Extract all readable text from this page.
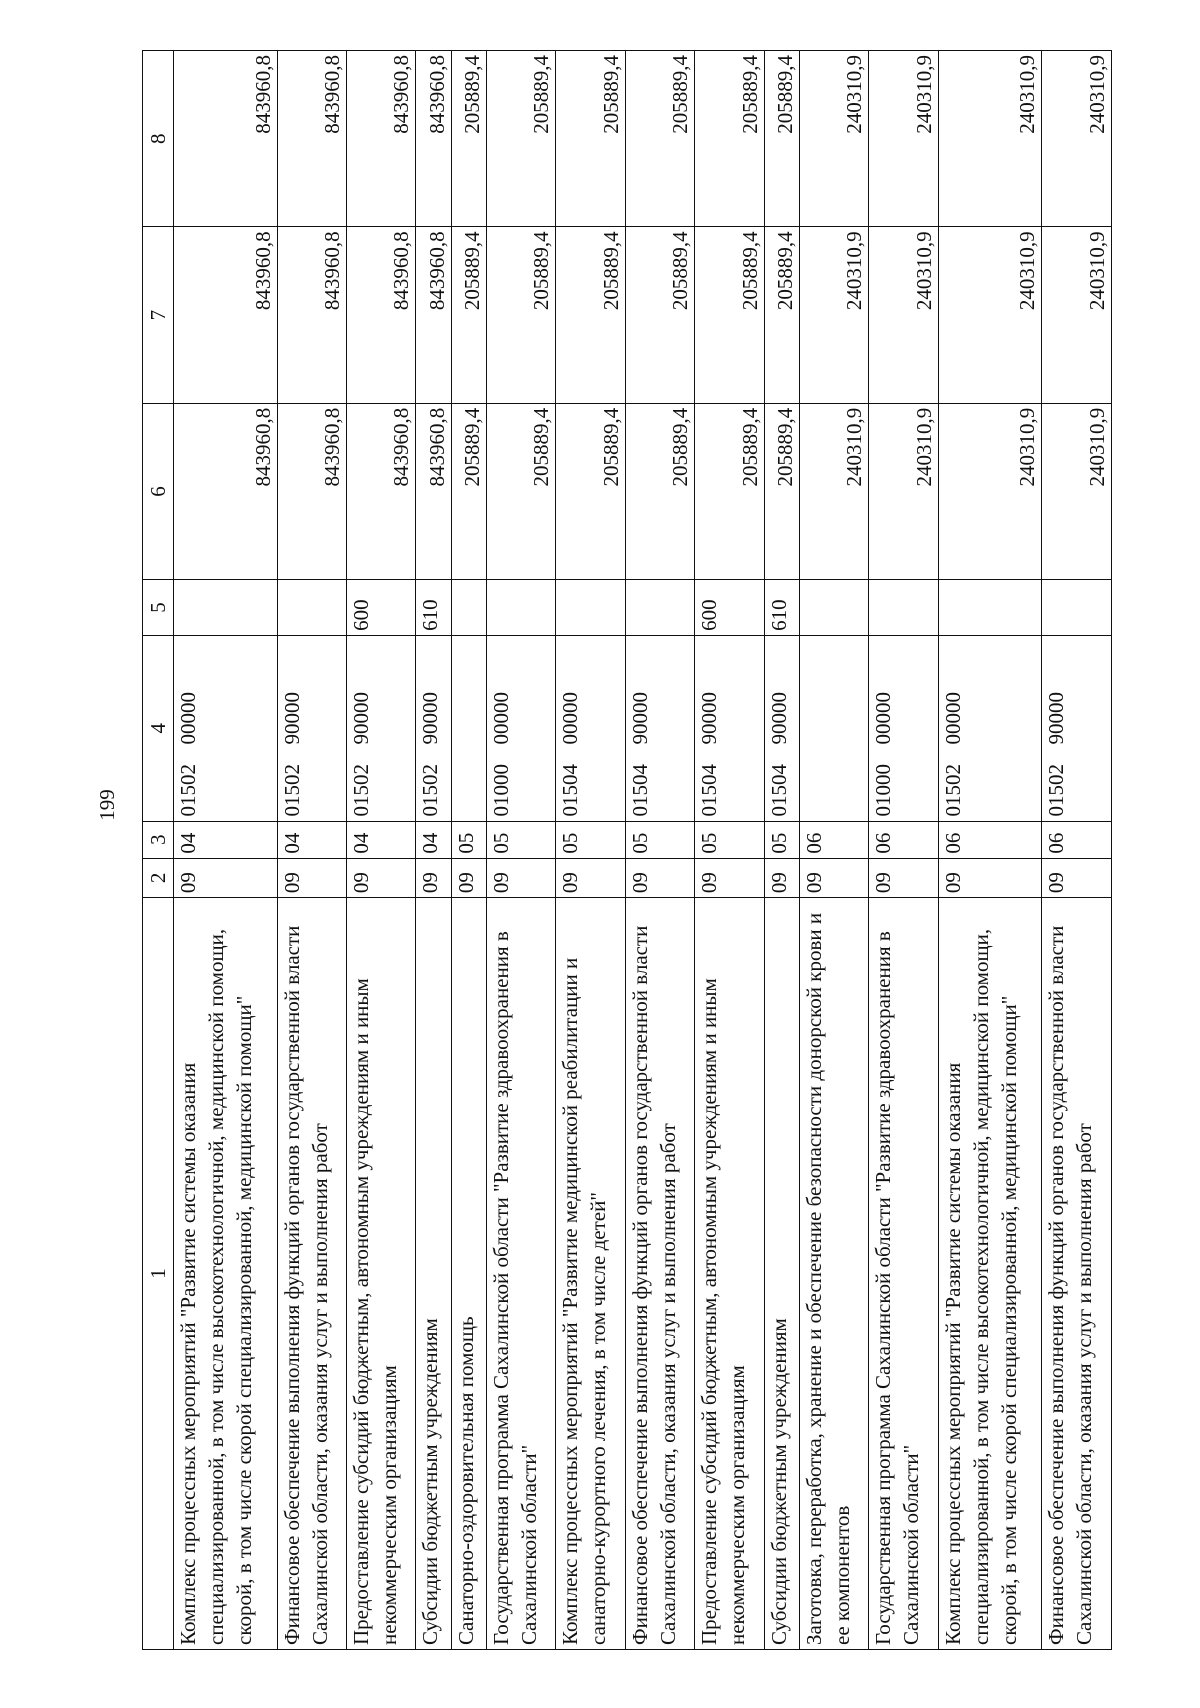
199
1	2	3	4	5	6	7	8
Комплекс процессных мероприятий "Развитие системы оказания специализированной, в том числе высокотехнологичной, медицинской помощи, скорой, в том числе скорой специализированной, медицинской помощи"	09	04	0150200000		843960,8	843960,8	843960,8
Финансовое обеспечение выполнения функций органов государственной власти Сахалинской области, оказания услуг и выполнения работ	09	04	0150290000		843960,8	843960,8	843960,8
Предоставление субсидий бюджетным, автономным учреждениям и иным некоммерческим организациям	09	04	0150290000	600	843960,8	843960,8	843960,8
Субсидии бюджетным учреждениям	09	04	0150290000	610	843960,8	843960,8	843960,8
Санаторно-оздоровительная помощь	09	05			205889,4	205889,4	205889,4
Государственная программа Сахалинской области "Развитие здравоохранения в Сахалинской области"	09	05	0100000000		205889,4	205889,4	205889,4
Комплекс процессных мероприятий "Развитие медицинской реабилитации и санаторно-курортного лечения, в том числе детей"	09	05	0150400000		205889,4	205889,4	205889,4
Финансовое обеспечение выполнения функций органов государственной власти Сахалинской области, оказания услуг и выполнения работ	09	05	0150490000		205889,4	205889,4	205889,4
Предоставление субсидий бюджетным, автономным учреждениям и иным некоммерческим организациям	09	05	0150490000	600	205889,4	205889,4	205889,4
Субсидии бюджетным учреждениям	09	05	0150490000	610	205889,4	205889,4	205889,4
Заготовка, переработка, хранение и обеспечение безопасности донорской крови и ее компонентов	09	06			240310,9	240310,9	240310,9
Государственная программа Сахалинской области "Развитие здравоохранения в Сахалинской области"	09	06	0100000000		240310,9	240310,9	240310,9
Комплекс процессных мероприятий "Развитие системы оказания специализированной, в том числе высокотехнологичной, медицинской помощи, скорой, в том числе скорой специализированной, медицинской помощи"	09	06	0150200000		240310,9	240310,9	240310,9
Финансовое обеспечение выполнения функций органов государственной власти Сахалинской области, оказания услуг и выполнения работ	09	06	0150290000		240310,9	240310,9	240310,9
